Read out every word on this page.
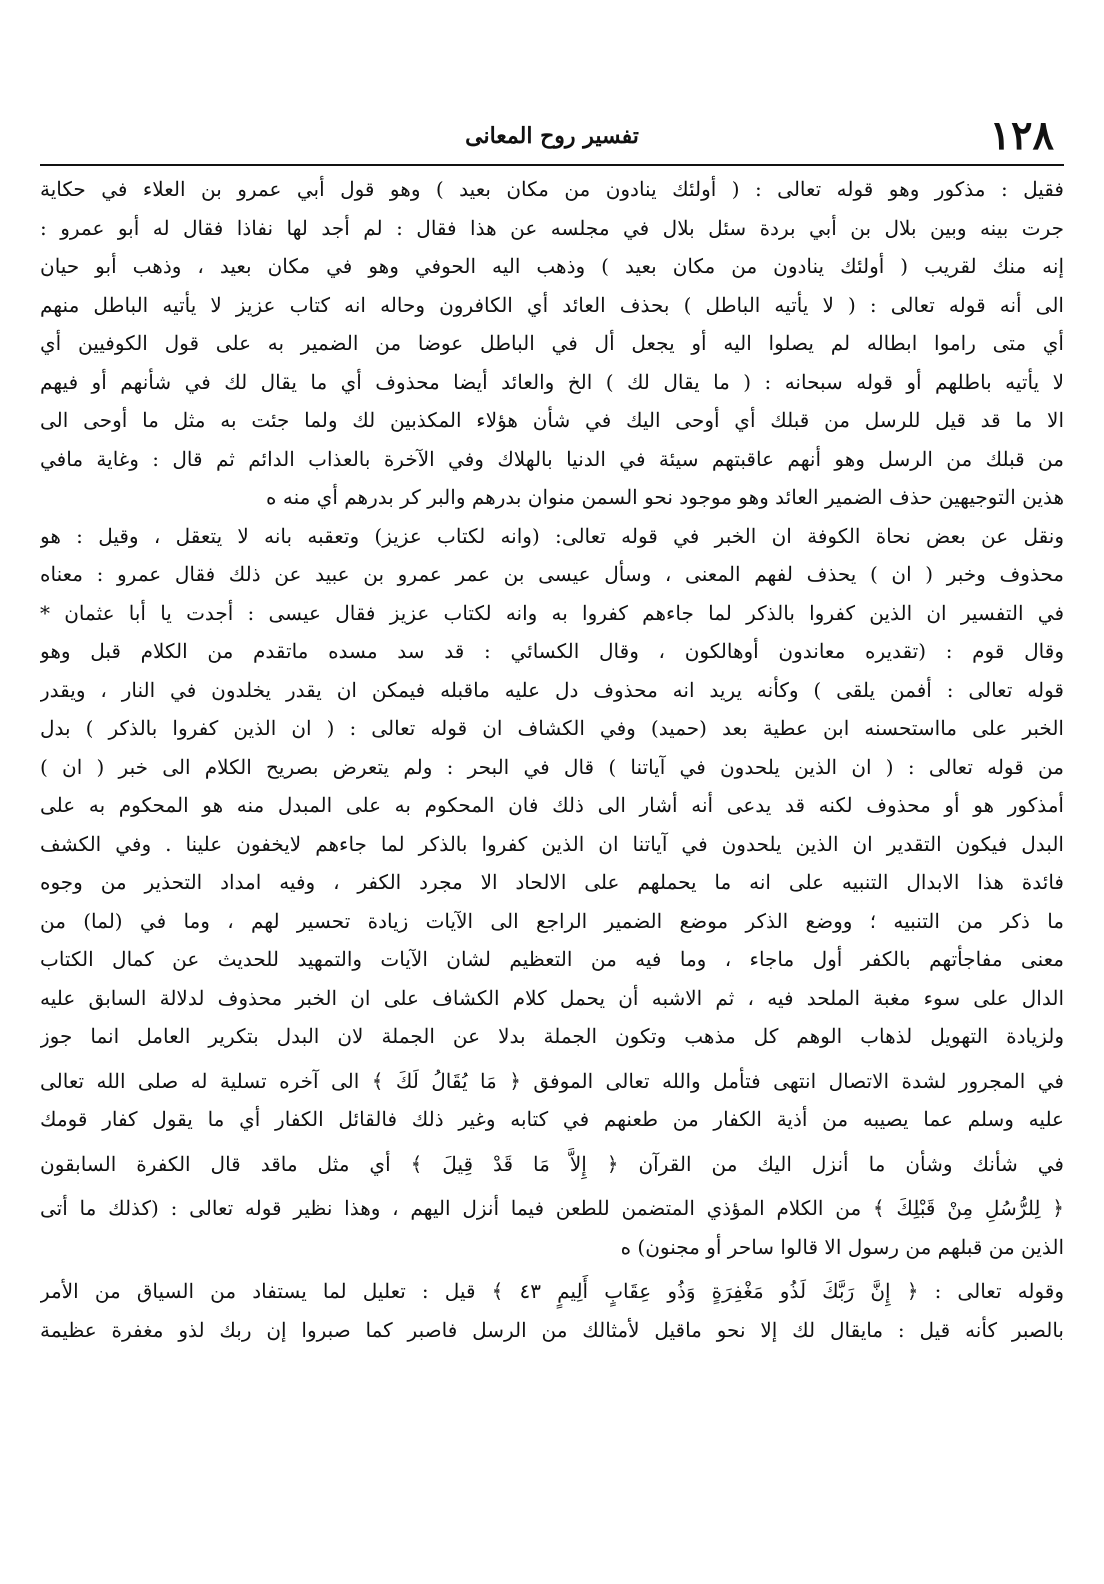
١٢٨
تفسير روح المعانى
فقيل : مذكور وهو قوله تعالى : ( أولئك ينادون من مكان بعيد ) وهو قول أبي عمرو بن العلاء في حكاية
جرت بينه وبين بلال بن أبي بردة سئل بلال في مجلسه عن هذا فقال : لم أجد لها نفاذا فقال له أبو عمرو :
إنه منك لقريب ( أولئك ينادون من مكان بعيد ) وذهب اليه الحوفي وهو في مكان بعيد ، وذهب أبو حيان
الى أنه قوله تعالى : ( لا يأتيه الباطل ) بحذف العائد أي الكافرون وحاله انه كتاب عزيز لا يأتيه الباطل منهم
أي متى راموا ابطاله لم يصلوا اليه أو يجعل أل في الباطل عوضا من الضمير به على قول الكوفيين أي
لا يأتيه باطلهم أو قوله سبحانه : ( ما يقال لك ) الخ والعائد أيضا محذوف أي ما يقال لك في شأنهم أو فيهم
الا ما قد قيل للرسل من قبلك أي أوحى اليك في شأن هؤلاء المكذبين لك ولما جئت به مثل ما أوحى الى
من قبلك من الرسل وهو أنهم عاقبتهم سيئة في الدنيا بالهلاك وفي الآخرة بالعذاب الدائم ثم قال : وغاية مافي
هذين التوجيهين حذف الضمير العائد وهو موجود نحو السمن منوان بدرهم والبر كر بدرهم أي منه ه
ونقل عن بعض نحاة الكوفة ان الخبر في قوله تعالى: (وانه لكتاب عزيز) وتعقبه بانه لا يتعقل ، وقيل : هو
محذوف وخبر ( ان ) يحذف لفهم المعنى ، وسأل عيسى بن عمر عمرو بن عبيد عن ذلك فقال عمرو : معناه
في التفسير ان الذين كفروا بالذكر لما جاءهم كفروا به وانه لكتاب عزيز فقال عيسى : أجدت يا أبا عثمان *
وقال قوم : (تقديره معاندون أوهالكون ، وقال الكسائي : قد سد مسده ماتقدم من الكلام قبل وهو
قوله تعالى : أفمن يلقى ) وكأنه يريد انه محذوف دل عليه ماقبله فيمكن ان يقدر يخلدون في النار ، ويقدر
الخبر على مااستحسنه ابن عطية بعد (حميد) وفي الكشاف ان قوله تعالى : ( ان الذين كفروا بالذكر ) بدل
من قوله تعالى : ( ان الذين يلحدون في آياتنا ) قال في البحر : ولم يتعرض بصريح الكلام الى خبر ( ان )
أمذكور هو أو محذوف لكنه قد يدعى أنه أشار الى ذلك فان المحكوم به على المبدل منه هو المحكوم به على
البدل فيكون التقدير ان الذين يلحدون في آياتنا ان الذين كفروا بالذكر لما جاءهم لايخفون علينا . وفي الكشف
فائدة هذا الابدال التنبيه على انه ما يحملهم على الالحاد الا مجرد الكفر ، وفيه امداد التحذير من وجوه
ما ذكر من التنبيه ؛ ووضع الذكر موضع الضمير الراجع الى الآيات زيادة تحسير لهم ، وما في (لما) من
معنى مفاجأتهم بالكفر أول ماجاء ، وما فيه من التعظيم لشان الآيات والتمهيد للحديث عن كمال الكتاب
الدال على سوء مغبة الملحد فيه ، ثم الاشبه أن يحمل كلام الكشاف على ان الخبر محذوف لدلالة السابق عليه
ولزيادة التهويل لذهاب الوهم كل مذهب وتكون الجملة بدلا عن الجملة لان البدل بتكرير العامل انما جوز
في المجرور لشدة الاتصال انتهى فتأمل والله تعالى الموفق ﴿ مَا يُقَالُ لَكَ ﴾ الى آخره تسلية له صلى الله تعالى
عليه وسلم عما يصيبه من أذية الكفار من طعنهم في كتابه وغير ذلك فالقائل الكفار أي ما يقول كفار قومك
في شأنك وشأن ما أنزل اليك من القرآن ﴿ إِلاَّ مَا قَدْ قِيلَ ﴾ أي مثل ماقد قال الكفرة السابقون
﴿ لِلرُّسُلِ مِنْ قَبْلِكَ ﴾ من الكلام المؤذي المتضمن للطعن فيما أنزل اليهم ، وهذا نظير قوله تعالى : (كذلك ما أتى
الذين من قبلهم من رسول الا قالوا ساحر أو مجنون) ه
وقوله تعالى : ﴿ إِنَّ رَبَّكَ لَذُو مَغْفِرَةٍ وَذُو عِقَابٍ أَلِيمٍ ٤٣ ﴾ قيل : تعليل لما يستفاد من السياق من الأمر
بالصبر كأنه قيل : مايقال لك إلا نحو ماقيل لأمثالك من الرسل فاصبر كما صبروا إن ربك لذو مغفرة عظيمة
